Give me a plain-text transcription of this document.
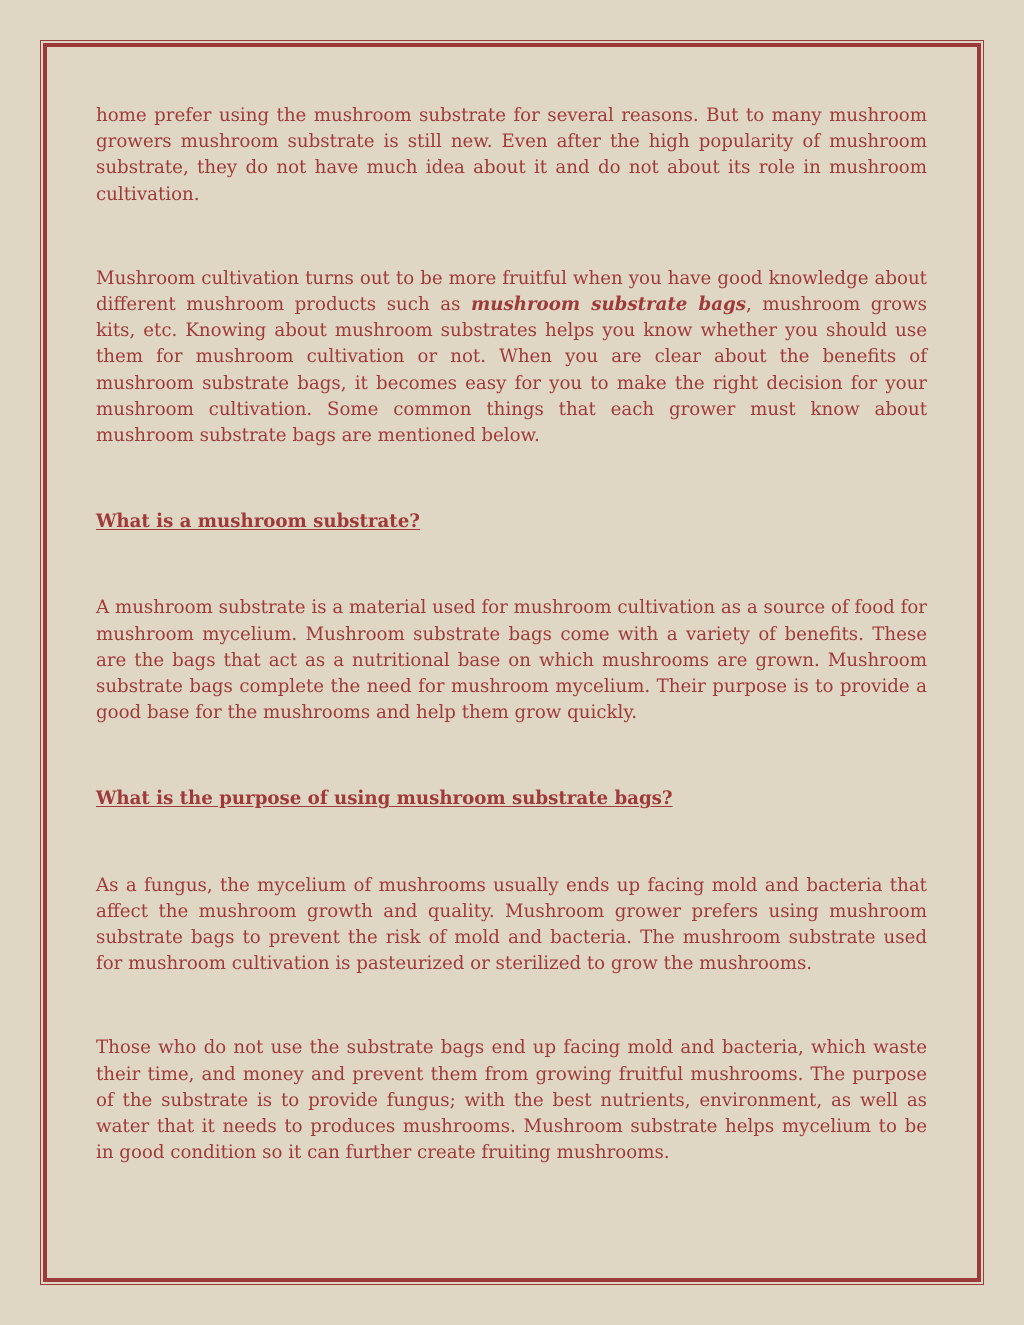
home prefer using the mushroom substrate for several reasons. But to many mushroom growers mushroom substrate is still new. Even after the high popularity of mushroom substrate, they do not have much idea about it and do not about its role in mushroom cultivation.

Mushroom cultivation turns out to be more fruitful when you have good knowledge about different mushroom products such as mushroom substrate bags, mushroom grows kits, etc. Knowing about mushroom substrates helps you know whether you should use them for mushroom cultivation or not. When you are clear about the benefits of mushroom substrate bags, it becomes easy for you to make the right decision for your mushroom cultivation. Some common things that each grower must know about mushroom substrate bags are mentioned below.

What is a mushroom substrate?

A mushroom substrate is a material used for mushroom cultivation as a source of food for mushroom mycelium. Mushroom substrate bags come with a variety of benefits. These are the bags that act as a nutritional base on which mushrooms are grown. Mushroom substrate bags complete the need for mushroom mycelium. Their purpose is to provide a good base for the mushrooms and help them grow quickly.

What is the purpose of using mushroom substrate bags?

As a fungus, the mycelium of mushrooms usually ends up facing mold and bacteria that affect the mushroom growth and quality. Mushroom grower prefers using mushroom substrate bags to prevent the risk of mold and bacteria. The mushroom substrate used for mushroom cultivation is pasteurized or sterilized to grow the mushrooms.

Those who do not use the substrate bags end up facing mold and bacteria, which waste their time, and money and prevent them from growing fruitful mushrooms. The purpose of the substrate is to provide fungus; with the best nutrients, environment, as well as water that it needs to produces mushrooms. Mushroom substrate helps mycelium to be in good condition so it can further create fruiting mushrooms.
